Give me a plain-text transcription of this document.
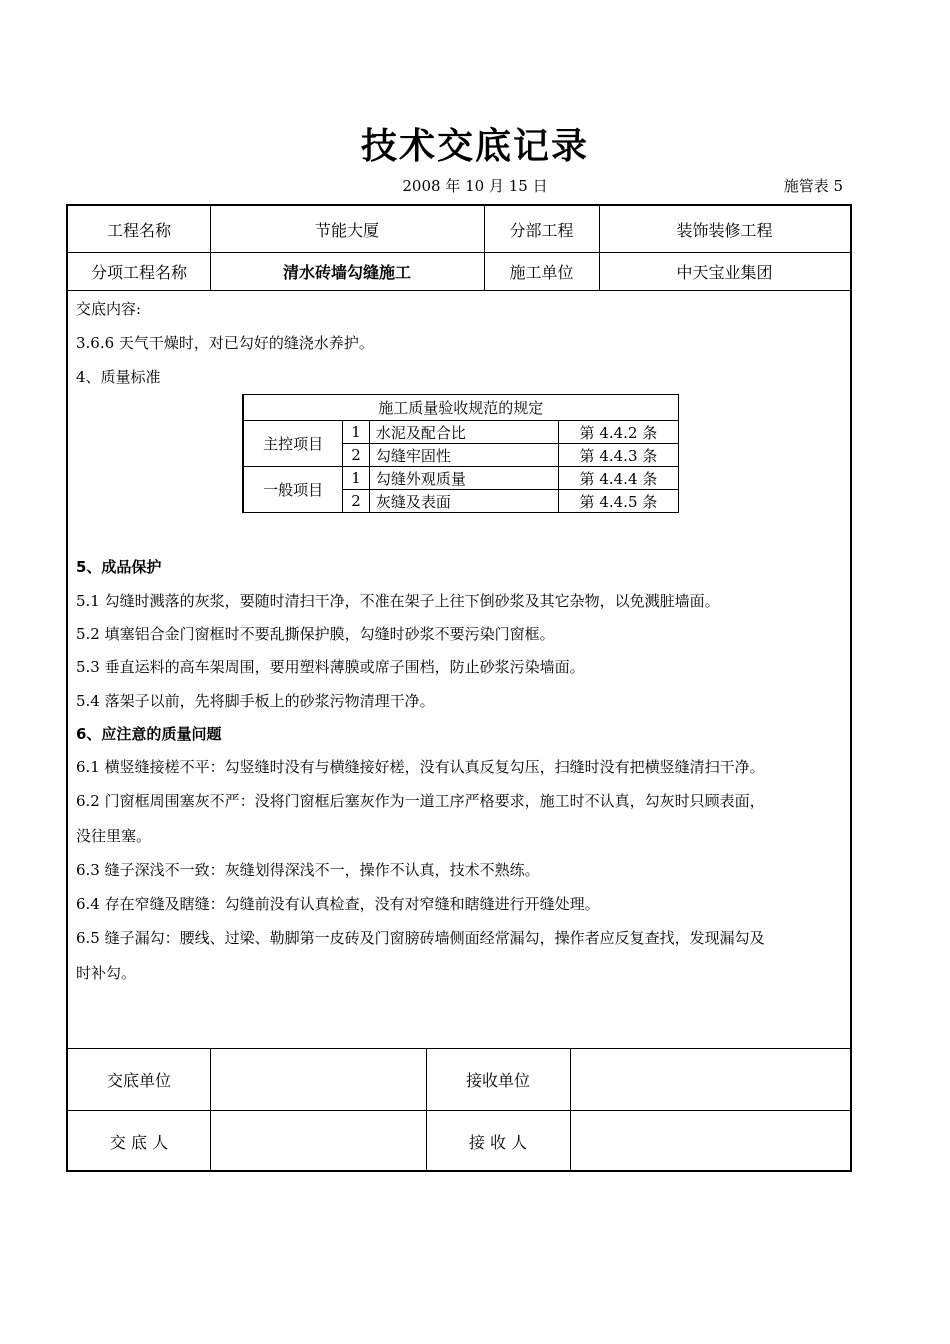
技术交底记录
2008 年 10 月 15 日	施管表 5
工程名称	节能大厦	分部工程	装饰装修工程
分项工程名称	清水砖墙勾缝施工	施工单位	中天宝业集团
交底内容:
3.6.6 天气干燥时，对已勾好的缝浇水养护。
4、质量标准
5、成品保护
5.1 勾缝时溅落的灰浆，要随时清扫干净，不准在架子上往下倒砂浆及其它杂物，以免溅脏墙面。
5.2 填塞铝合金门窗框时不要乱撕保护膜，勾缝时砂浆不要污染门窗框。
5.3 垂直运料的高车架周围，要用塑料薄膜或席子围档，防止砂浆污染墙面。
5.4 落架子以前，先将脚手板上的砂浆污物清理干净。
6、应注意的质量问题
6.1 横竖缝接槎不平：勾竖缝时没有与横缝接好槎，没有认真反复勾压，扫缝时没有把横竖缝清扫干净。
6.2 门窗框周围塞灰不严：没将门窗框后塞灰作为一道工序严格要求，施工时不认真，勾灰时只顾表面，
没往里塞。
6.3 缝子深浅不一致：灰缝划得深浅不一，操作不认真，技术不熟练。
6.4 存在窄缝及瞎缝：勾缝前没有认真检查，没有对窄缝和瞎缝进行开缝处理。
6.5 缝子漏勾：腰线、过梁、勒脚第一皮砖及门窗膀砖墙侧面经常漏勾，操作者应反复查找，发现漏勾及
时补勾。
施工质量验收规范的规定			
主控项目	1	水泥及配合比	第 4.4.2 条
	2	勾缝牢固性	第 4.4.3 条
一般项目	1	勾缝外观质量	第 4.4.4 条
	2	灰缝及表面	第 4.4.5 条
交底单位	接收单位
交 底 人	接 收 人
